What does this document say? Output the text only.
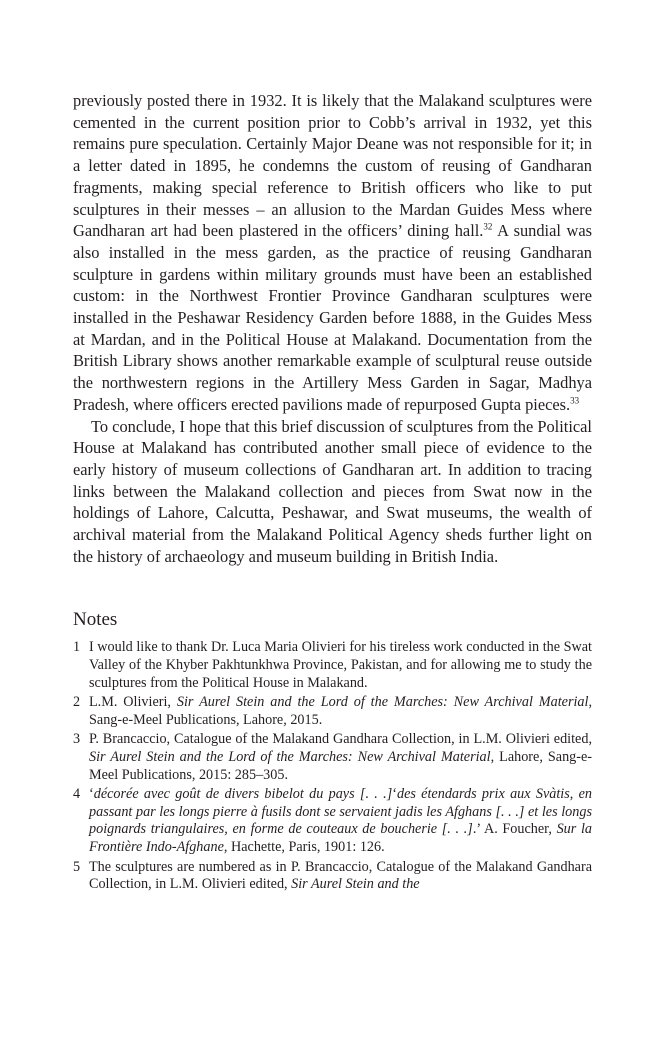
previously posted there in 1932. It is likely that the Malakand sculptures were cemented in the current position prior to Cobb’s arrival in 1932, yet this remains pure speculation. Certainly Major Deane was not responsible for it; in a letter dated in 1895, he condemns the custom of reusing of Gandharan fragments, making special reference to British officers who like to put sculptures in their messes – an allusion to the Mardan Guides Mess where Gandharan art had been plastered in the officers’ dining hall.$^{32}$ A sundial was also installed in the mess garden, as the practice of reusing Gandharan sculpture in gardens within military grounds must have been an established custom: in the Northwest Frontier Province Gandharan sculptures were installed in the Peshawar Residency Garden before 1888, in the Guides Mess at Mardan, and in the Political House at Malakand. Documentation from the British Library shows another remarkable example of sculptural reuse outside the northwestern regions in the Artillery Mess Garden in Sagar, Madhya Pradesh, where officers erected pavilions made of repurposed Gupta pieces.$^{33}$

To conclude, I hope that this brief discussion of sculptures from the Political House at Malakand has contributed another small piece of evidence to the early history of museum collections of Gandharan art. In addition to tracing links between the Malakand collection and pieces from Swat now in the holdings of Lahore, Calcutta, Peshawar, and Swat museums, the wealth of archival material from the Malakand Political Agency sheds further light on the history of archaeology and museum building in British India.

Notes
1 I would like to thank Dr. Luca Maria Olivieri for his tireless work conducted in the Swat Valley of the Khyber Pakhtunkhwa Province, Pakistan, and for allowing me to study the sculptures from the Political House in Malakand.
2 L.M. Olivieri, Sir Aurel Stein and the Lord of the Marches: New Archival Material, Sang-e-Meel Publications, Lahore, 2015.
3 P. Brancaccio, Catalogue of the Malakand Gandhara Collection, in L.M. Olivieri edited, Sir Aurel Stein and the Lord of the Marches: New Archival Material, Lahore, Sang-e-Meel Publications, 2015: 285–305.
4 ‘décorée avec goût de divers bibelot du pays [. . .]‘des étendards prix aux Svàtis, en passant par les longs pierre à fusils dont se servaient jadis les Afghans [. . .] et les longs poignards triangulaires, en forme de couteaux de boucherie [. . .].’ A. Foucher, Sur la Frontière Indo-Afghane, Hachette, Paris, 1901: 126.
5 The sculptures are numbered as in P. Brancaccio, Catalogue of the Malakand Gandhara Collection, in L.M. Olivieri edited, Sir Aurel Stein and the
